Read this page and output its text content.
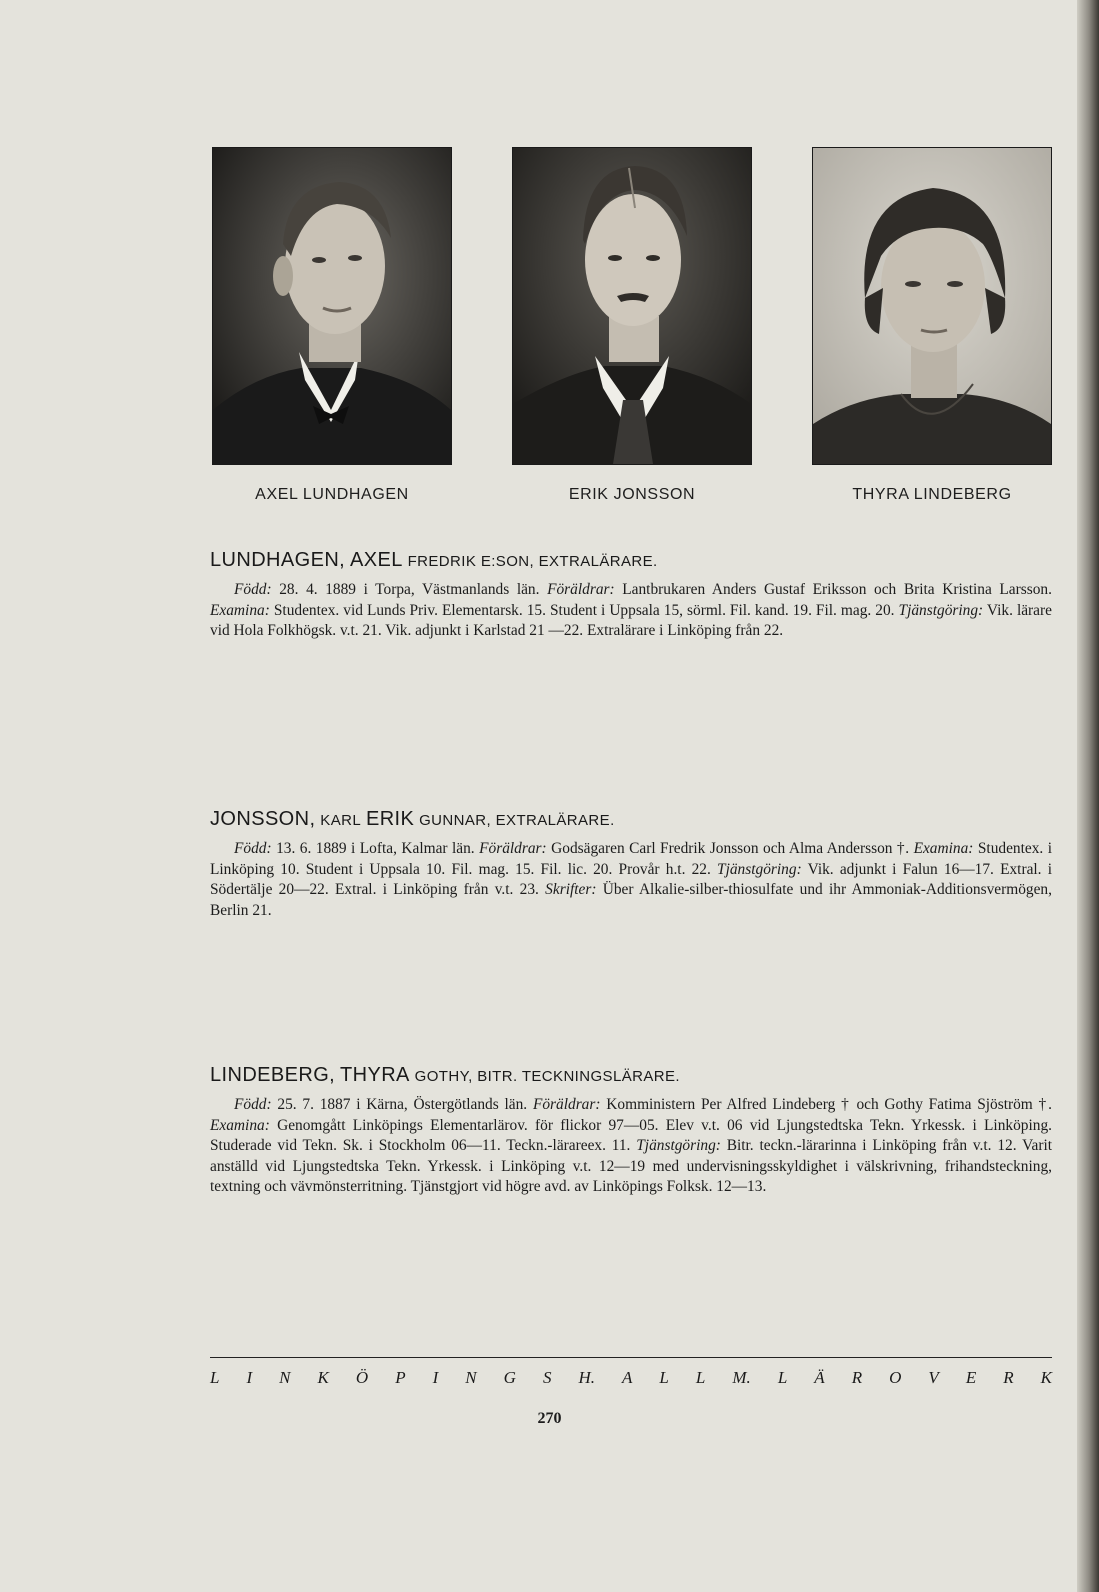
AXEL LUNDHAGEN	ERIK JONSSON	THYRA LINDEBERG
LUNDHAGEN, AXEL FREDRIK E:SON, EXTRALÄRARE.

Född: 28. 4. 1889 i Torpa, Västmanlands län. Föräldrar: Lantbrukaren Anders Gustaf Eriksson och Brita Kristina Larsson. Examina: Studentex. vid Lunds Priv. Elementarsk. 15. Student i Uppsala 15, sörml. Fil. kand. 19. Fil. mag. 20. Tjänstgöring: Vik. lärare vid Hola Folkhögsk. v.t. 21. Vik. adjunkt i Karlstad 21 —22. Extralärare i Linköping från 22.

JONSSON, KARL ERIK GUNNAR, EXTRALÄRARE.

Född: 13. 6. 1889 i Lofta, Kalmar län. Föräldrar: Godsägaren Carl Fredrik Jonsson och Alma Andersson †. Examina: Studentex. i Linköping 10. Student i Uppsala 10. Fil. mag. 15. Fil. lic. 20. Provår h.t. 22. Tjänstgöring: Vik. adjunkt i Falun 16—17. Extral. i Södertälje 20—22. Extral. i Linköping från v.t. 23. Skrifter: Über Alkalie-silber-thiosulfate und ihr Ammoniak-Additionsvermögen, Berlin 21.

LINDEBERG, THYRA GOTHY, BITR. TECKNINGSLÄRARE.

Född: 25. 7. 1887 i Kärna, Östergötlands län. Föräldrar: Komministern Per Alfred Lindeberg † och Gothy Fatima Sjöström †. Examina: Genomgått Linköpings Elementarlärov. för flickor 97—05. Elev v.t. 06 vid Ljungstedtska Tekn. Yrkessk. i Linköping. Studerade vid Tekn. Sk. i Stockholm 06—11. Teckn.-lärareex. 11. Tjänstgöring: Bitr. teckn.-lärarinna i Linköping från v.t. 12. Varit anställd vid Ljungstedtska Tekn. Yrkessk. i Linköping v.t. 12—19 med undervisningsskyldighet i välskrivning, frihandsteckning, textning och vävmönsterritning. Tjänstgjort vid högre avd. av Linköpings Folksk. 12—13.

L I N K Ö P I N G S H. A L L M. L Ä R O V E R K
270
